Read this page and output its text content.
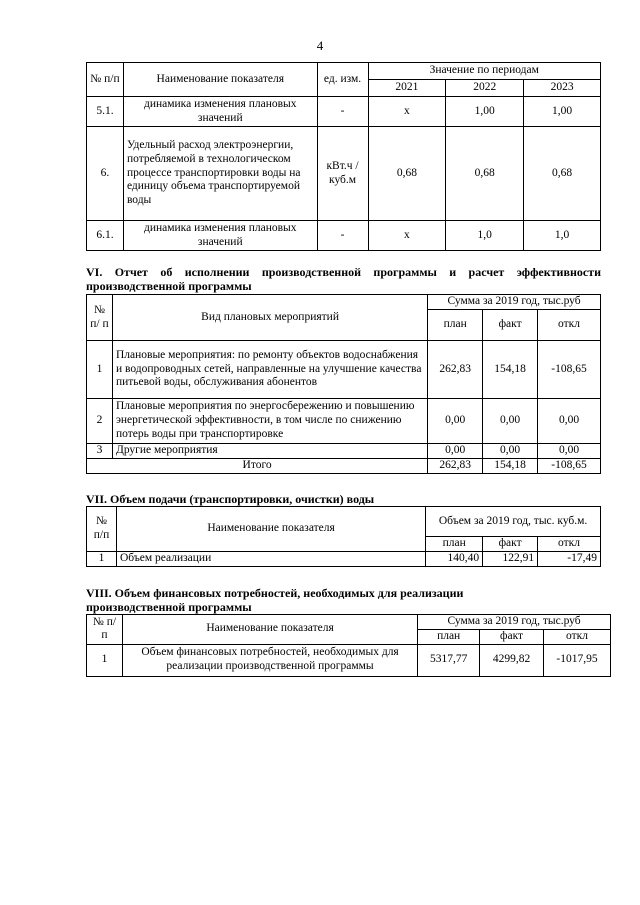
4
№ п/п	Наименование показателя	ед. изм.	Значение по периодам		
			2021	2022	2023
5.1.	динамика изменения плановых значений	-	х	1,00	1,00
6.	Удельный расход электроэнергии, потребляемой в технологическом процессе транспортировки воды на единицу объема транспортируемой воды	кВт.ч / куб.м	0,68	0,68	0,68
6.1.	динамика изменения плановых значений	-	х	1,0	1,0
VI. Отчет об исполнении производственной программы и расчет эффективности
производственной программы
№ п/ п	Вид плановых мероприятий	Сумма за 2019 год, тыс.руб		
		план	факт	откл
1	Плановые мероприятия: по ремонту объектов водоснабжения и водопроводных сетей, направленные на улучшение качества питьевой воды, обслуживания абонентов	262,83	154,18	-108,65
2	Плановые мероприятия по энергосбережению и повышению энергетической эффективности, в том числе по снижению потерь воды при транспортировке	0,00	0,00	0,00
3	Другие мероприятия	0,00	0,00	0,00
Итого		262,83	154,18	-108,65
VII. Объем подачи (транспортировки, очистки) воды
№ п/п	Наименование показателя	Объем за 2019 год, тыс. куб.м.		
		план	факт	откл
1	Объем реализации	140,40	122,91	-17,49
VIII. Объем финансовых потребностей, необходимых для реализации
производственной программы
№ п/п	Наименование показателя	Сумма за 2019 год, тыс.руб		
		план	факт	откл
1	Объем финансовых потребностей, необходимых для реализации производственной программы	5317,77	4299,82	-1017,95
